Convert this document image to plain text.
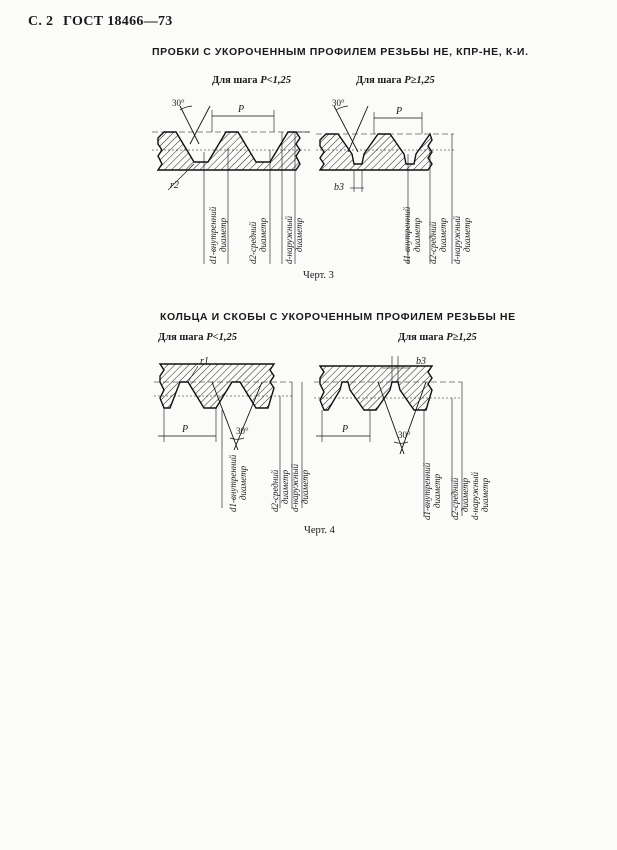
С. 2 ГОСТ 18466—73
ПРОБКИ С УКОРОЧЕННЫМ ПРОФИЛЕМ РЕЗЬБЫ НЕ, КПР-НЕ, К-И.
Для шага P<1,25	Для шага P≥1,25
30°
P
r2
d1-внутренний диаметр d2-средний диаметр d-наружный диаметр
30°
P
b3
d1-внутренний диаметр d2-средний диаметр d-наружный диаметр
Черт. 3
КОЛЬЦА И СКОБЫ С УКОРОЧЕННЫМ ПРОФИЛЕМ РЕЗЬБЫ НЕ
Для шага P<1,25	Для шага P≥1,25
r1
P	30°
d1-внутренний диаметр d2-средний диаметр d-наружный диаметр
b3
P	30°
d1-внутренний диаметр d2-средний диаметр d-наружный диаметр
Черт. 4
